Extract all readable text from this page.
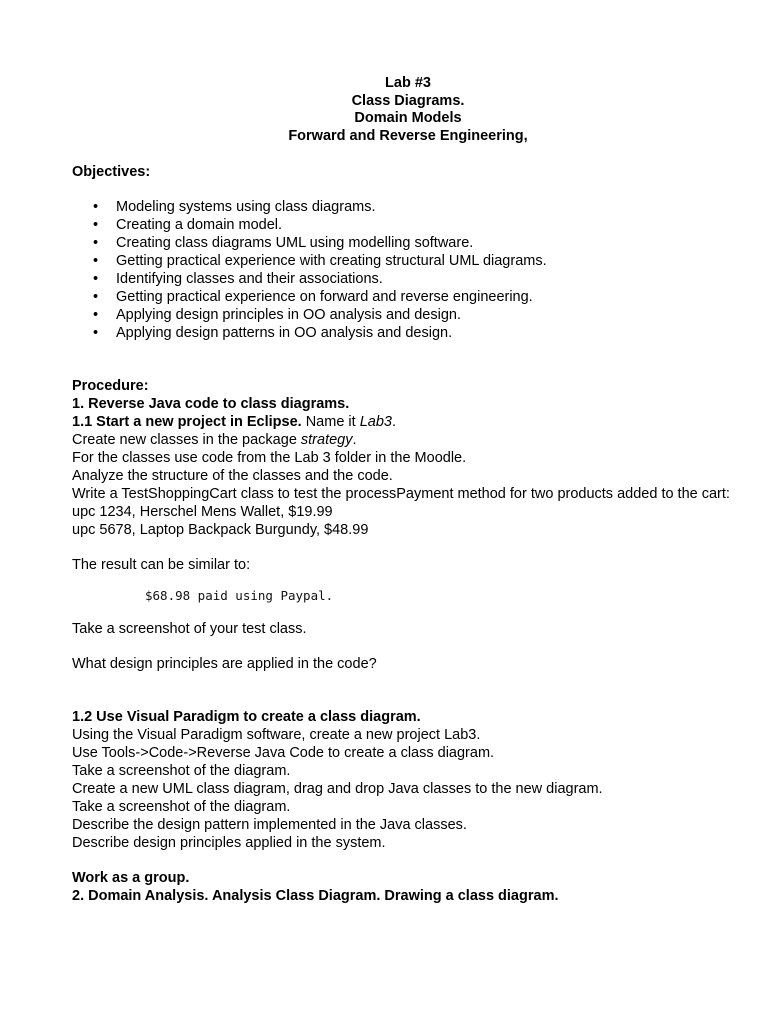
Lab #3
Class Diagrams.
Domain Models
Forward and Reverse Engineering,
Objectives:
• Modeling systems using class diagrams.
• Creating a domain model.
• Creating class diagrams UML using modelling software.
• Getting practical experience with creating structural UML diagrams.
• Identifying classes and their associations.
• Getting practical experience on forward and reverse engineering.
• Applying design principles in OO analysis and design.
• Applying design patterns in OO analysis and design.
Procedure:
1. Reverse Java code to class diagrams.
1.1 Start a new project in Eclipse. Name it Lab3.
Create new classes in the package strategy.
For the classes use code from the Lab 3 folder in the Moodle.
Analyze the structure of the classes and the code.
Write a TestShoppingCart class to test the processPayment method for two products added to the cart:
upc 1234, Herschel Mens Wallet, $19.99
upc 5678, Laptop Backpack Burgundy, $48.99
The result can be similar to:
$68.98 paid using Paypal.
Take a screenshot of your test class.
What design principles are applied in the code?
1.2 Use Visual Paradigm to create a class diagram.
Using the Visual Paradigm software, create a new project Lab3.
Use Tools->Code->Reverse Java Code to create a class diagram.
Take a screenshot of the diagram.
Create a new UML class diagram, drag and drop Java classes to the new diagram.
Take a screenshot of the diagram.
Describe the design pattern implemented in the Java classes.
Describe design principles applied in the system.
Work as a group.
2. Domain Analysis. Analysis Class Diagram. Drawing a class diagram.
